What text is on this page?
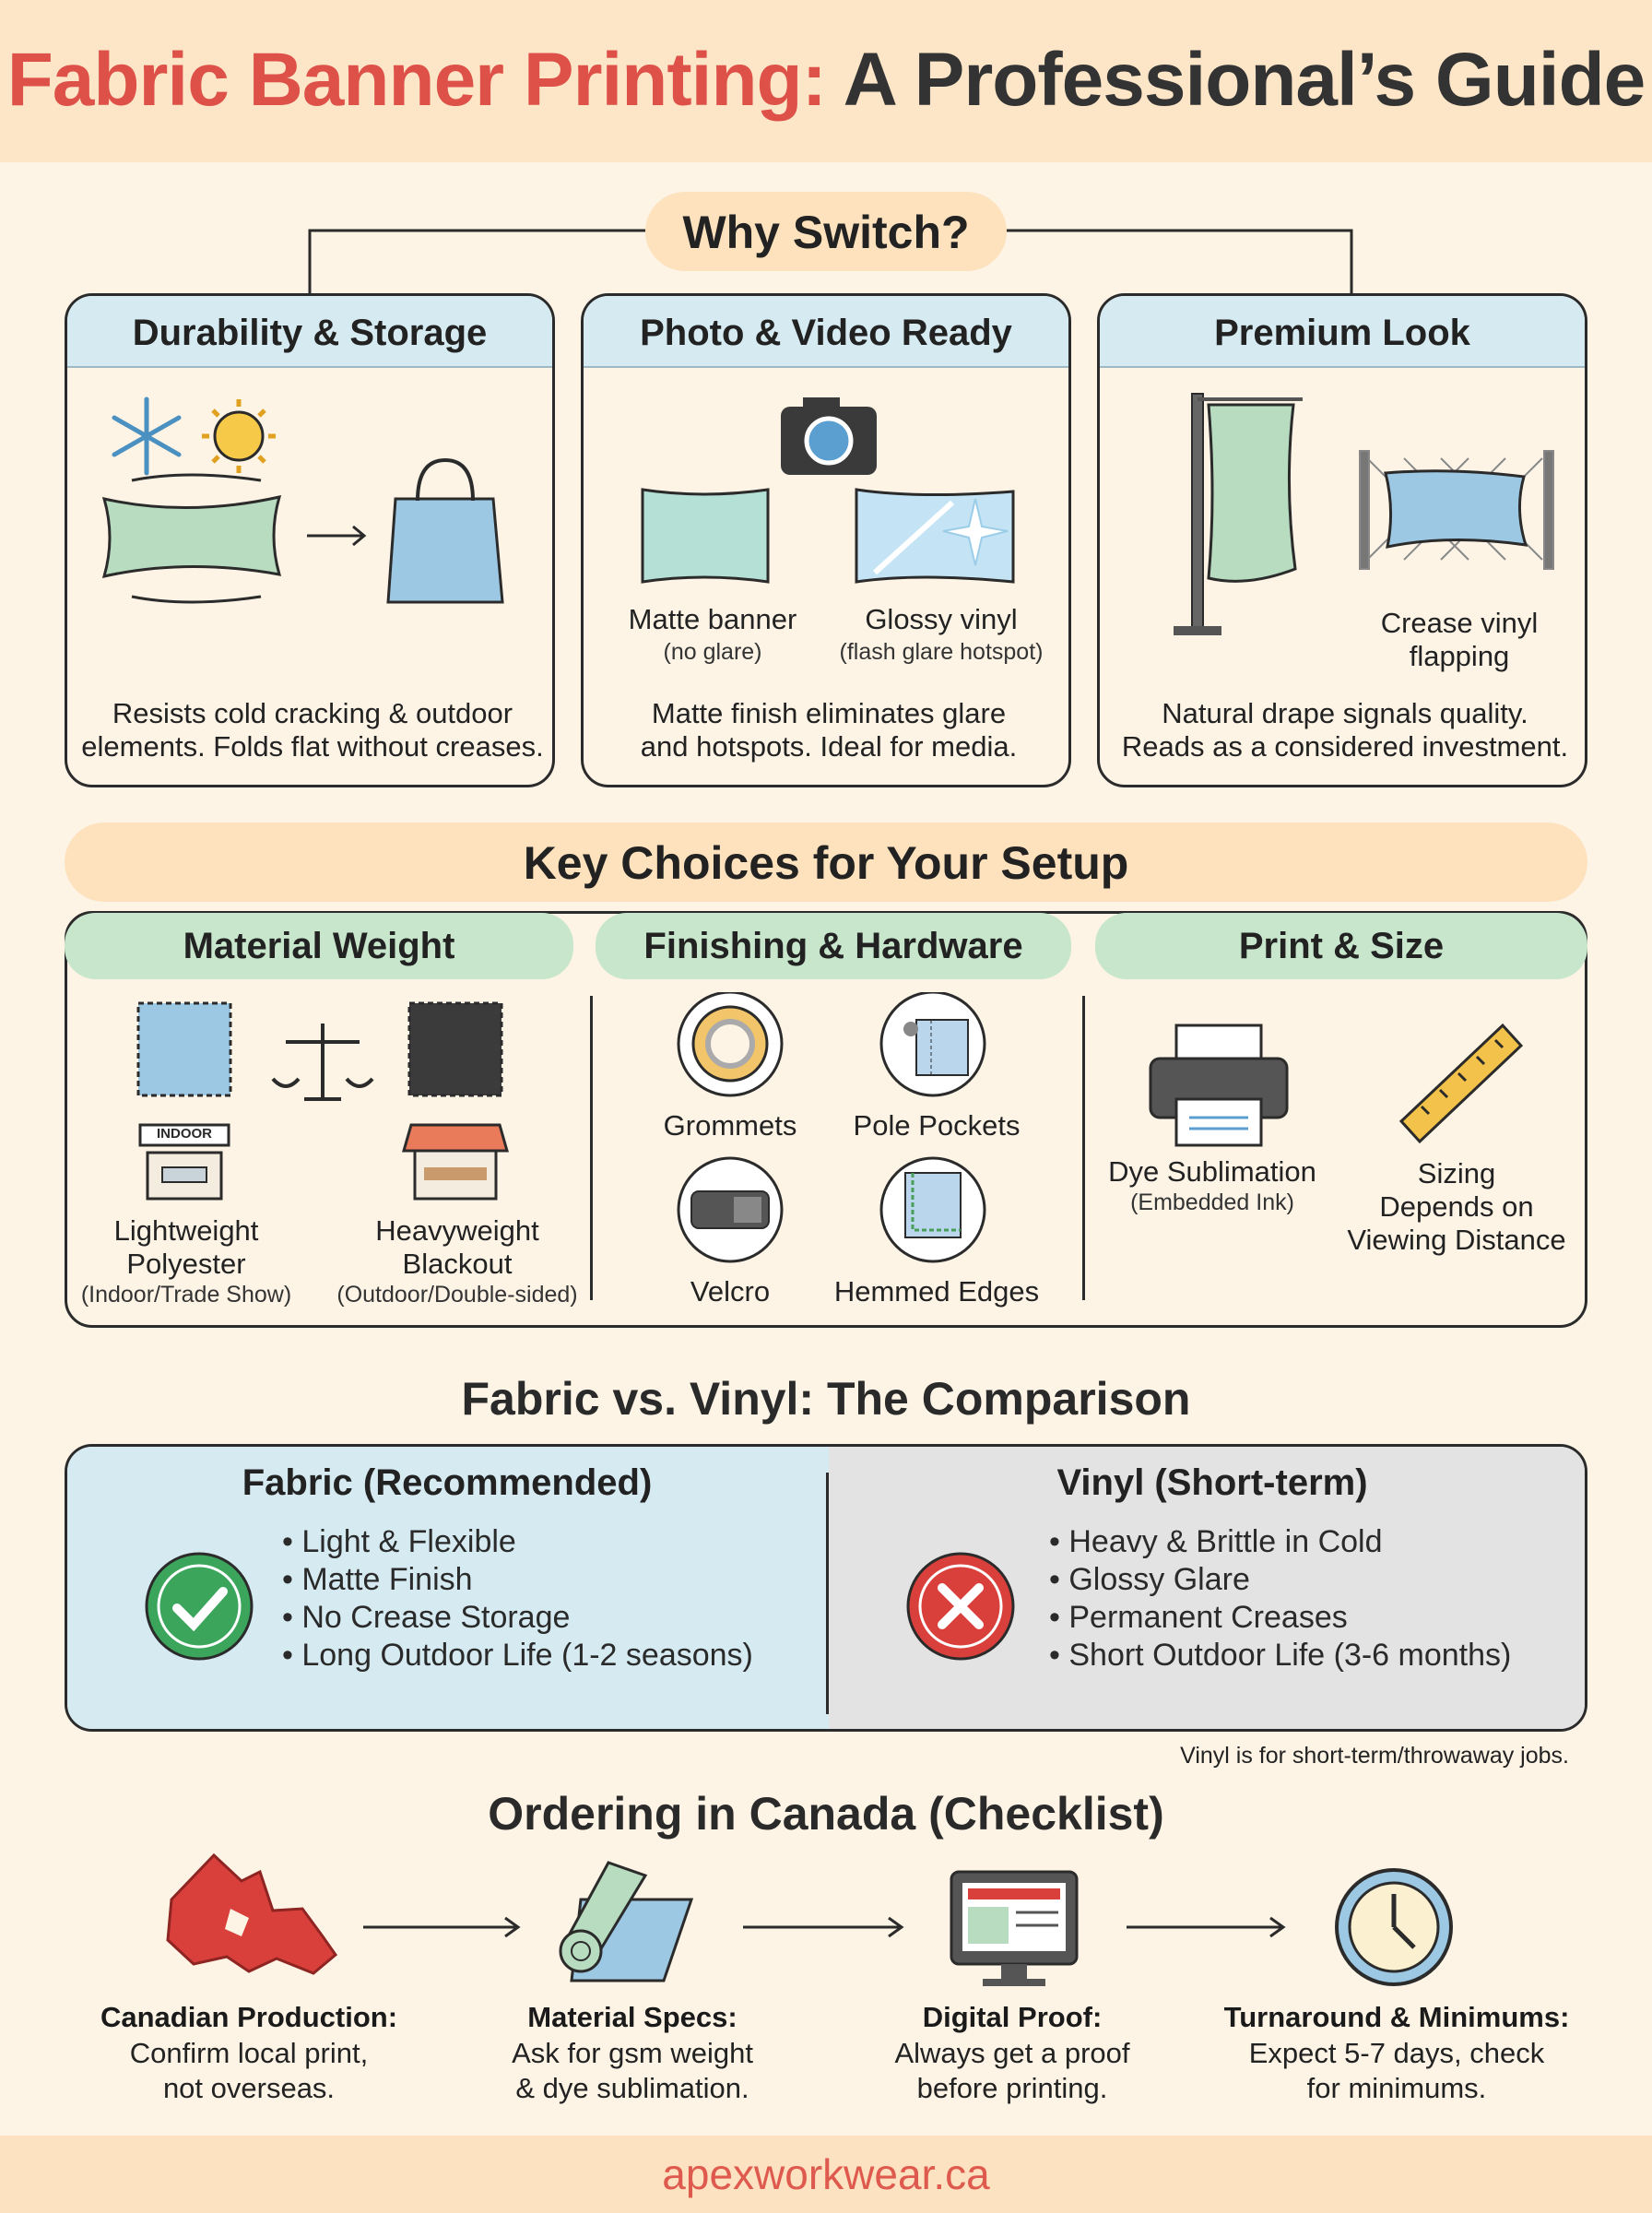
Fabric Banner Printing: A Professional’s Guide
Why Switch?
Durability & Storage
Resists cold cracking & outdoor
elements. Folds flat without creases.
Photo & Video Ready
Matte banner
(no glare)
Glossy vinyl
(flash glare hotspot)
Matte finish eliminates glare
and hotspots. Ideal for media.
Premium Look
Crease vinyl
flapping
Natural drape signals quality.
Reads as a considered investment.
Key Choices for Your Setup
Material Weight	Finishing & Hardware	Print & Size
INDOOR
Lightweight
Polyester
(Indoor/Trade Show)
Heavyweight
Blackout
(Outdoor/Double-sided)
Grommets	Pole Pockets
Velcro	Hemmed Edges
Dye Sublimation
(Embedded Ink)
Sizing
Depends on
Viewing Distance
Fabric vs. Vinyl: The Comparison
Fabric (Recommended)	Vinyl (Short-term)
• Light & Flexible
• Matte Finish
• No Crease Storage
• Long Outdoor Life (1-2 seasons)
• Heavy & Brittle in Cold
• Glossy Glare
• Permanent Creases
• Short Outdoor Life (3-6 months)
Vinyl is for short-term/throwaway jobs.
Ordering in Canada (Checklist)
Canadian Production:
Confirm local print,
not overseas.
Material Specs:
Ask for gsm weight
& dye sublimation.
Digital Proof:
Always get a proof
before printing.
Turnaround & Minimums:
Expect 5-7 days, check
for minimums.
apexworkwear.ca
